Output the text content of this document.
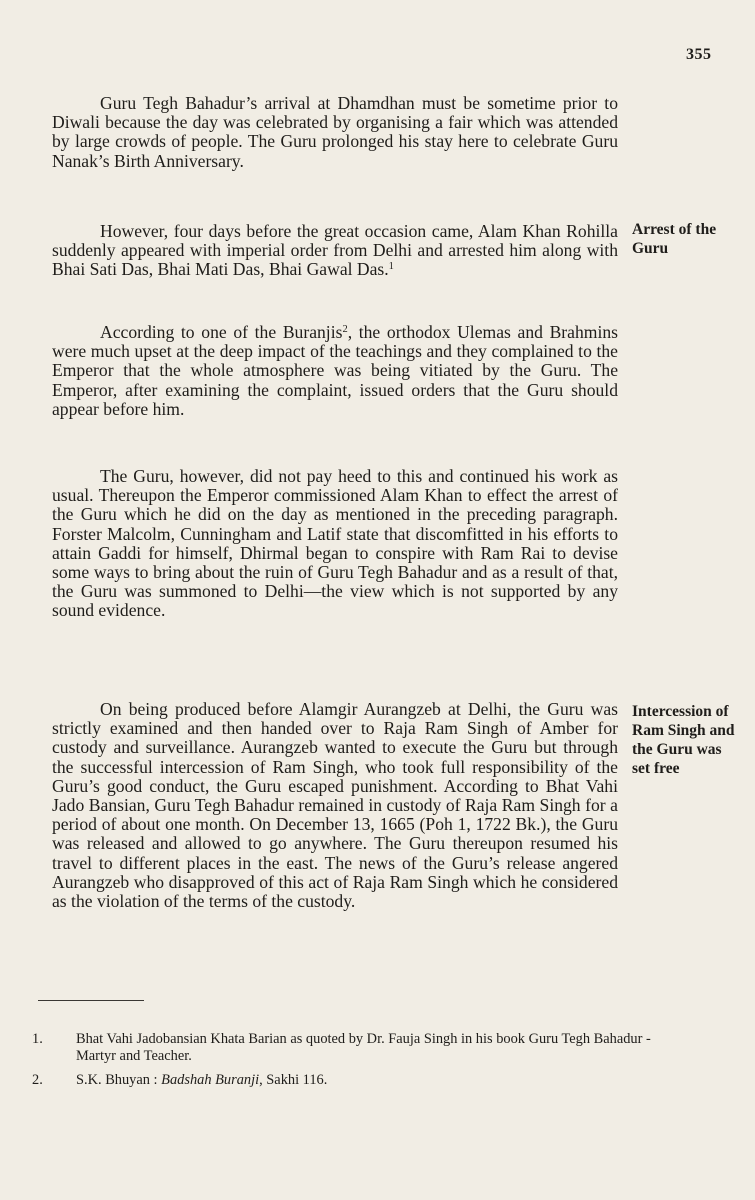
355

Guru Tegh Bahadur’s arrival at Dhamdhan must be sometime prior to Diwali because the day was celebrated by organising a fair which was attended by large crowds of people. The Guru prolonged his stay here to celebrate Guru Nanak’s Birth Anniversary.

However, four days before the great occasion came, Alam Khan Rohilla suddenly appeared with imperial order from Delhi and arrested him along with Bhai Sati Das, Bhai Mati Das, Bhai Gawal Das.$^1$

According to one of the Buranjis$^2$, the orthodox Ulemas and Brahmins were much upset at the deep impact of the teachings and they complained to the Emperor that the whole atmosphere was being vitiated by the Guru. The Emperor, after examining the complaint, issued orders that the Guru should appear before him.

The Guru, however, did not pay heed to this and continued his work as usual. Thereupon the Emperor commissioned Alam Khan to effect the arrest of the Guru which he did on the day as mentioned in the preceding paragraph. Forster Malcolm, Cunningham and Latif state that discomfitted in his efforts to attain Gaddi for himself, Dhirmal began to conspire with Ram Rai to devise some ways to bring about the ruin of Guru Tegh Bahadur and as a result of that, the Guru was summoned to Delhi—the view which is not supported by any sound evidence.

On being produced before Alamgir Aurangzeb at Delhi, the Guru was strictly examined and then handed over to Raja Ram Singh of Amber for custody and surveillance. Aurangzeb wanted to execute the Guru but through the successful intercession of Ram Singh, who took full responsibility of the Guru’s good conduct, the Guru escaped punishment. According to Bhat Vahi Jado Bansian, Guru Tegh Bahadur remained in custody of Raja Ram Singh for a period of about one month. On December 13, 1665 (Poh 1, 1722 Bk.), the Guru was released and allowed to go anywhere. The Guru thereupon resumed his travel to different places in the east. The news of the Guru’s release angered Aurangzeb who disapproved of this act of Raja Ram Singh which he considered as the violation of the terms of the custody.

Arrest of the Guru
Intercession of Ram Singh and the Guru was set free
1. Bhat Vahi Jadobansian Khata Barian as quoted by Dr. Fauja Singh in his book Guru Tegh Bahadur - Martyr and Teacher.
2. S.K. Bhuyan : Badshah Buranji, Sakhi 116.
